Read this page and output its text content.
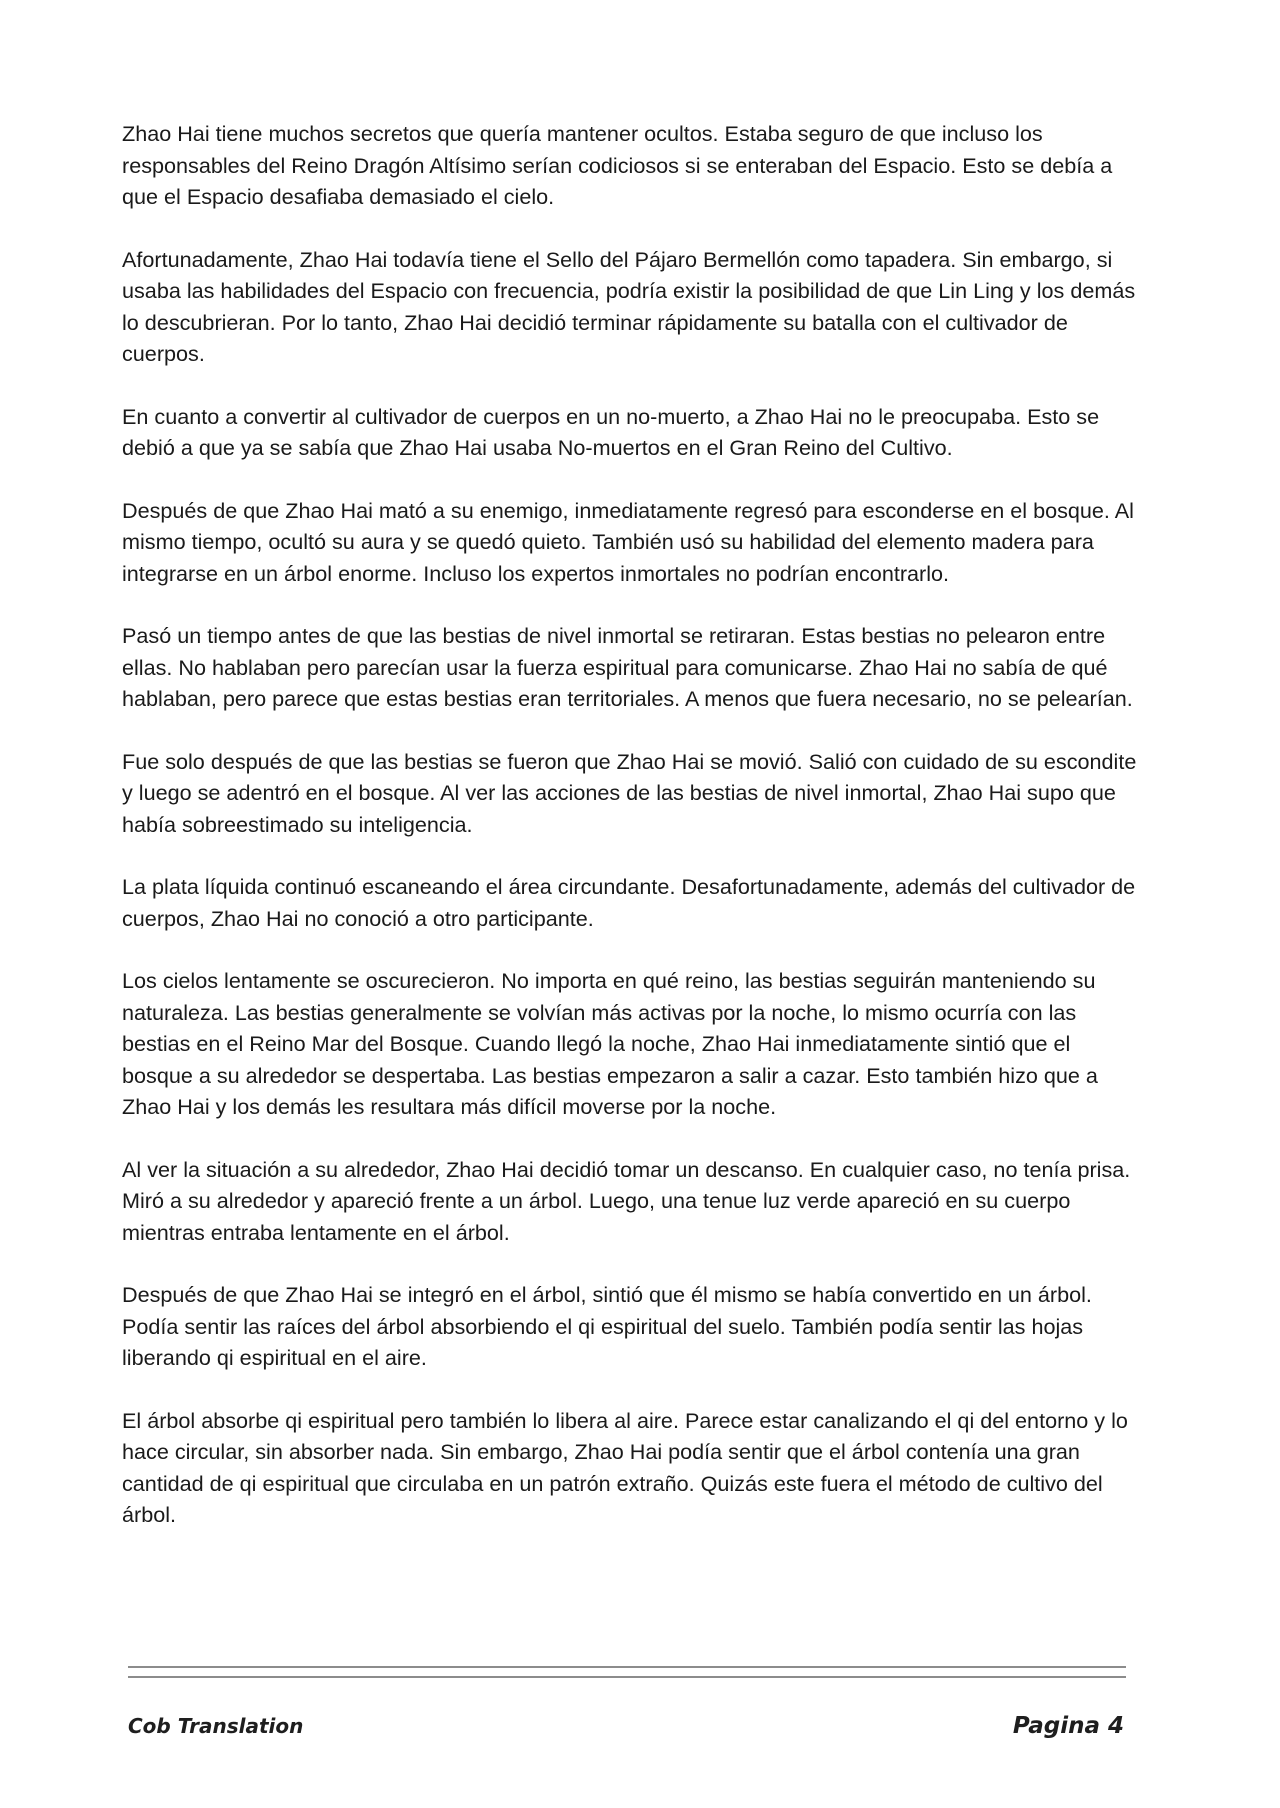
Zhao Hai tiene muchos secretos que quería mantener ocultos. Estaba seguro de que incluso los responsables del Reino Dragón Altísimo serían codiciosos si se enteraban del Espacio. Esto se debía a que el Espacio desafiaba demasiado el cielo.

Afortunadamente, Zhao Hai todavía tiene el Sello del Pájaro Bermellón como tapadera. Sin embargo, si usaba las habilidades del Espacio con frecuencia, podría existir la posibilidad de que Lin Ling y los demás lo descubrieran. Por lo tanto, Zhao Hai decidió terminar rápidamente su batalla con el cultivador de cuerpos.

En cuanto a convertir al cultivador de cuerpos en un no-muerto, a Zhao Hai no le preocupaba. Esto se debió a que ya se sabía que Zhao Hai usaba No-muertos en el Gran Reino del Cultivo.

Después de que Zhao Hai mató a su enemigo, inmediatamente regresó para esconderse en el bosque. Al mismo tiempo, ocultó su aura y se quedó quieto. También usó su habilidad del elemento madera para integrarse en un árbol enorme. Incluso los expertos inmortales no podrían encontrarlo.

Pasó un tiempo antes de que las bestias de nivel inmortal se retiraran. Estas bestias no pelearon entre ellas. No hablaban pero parecían usar la fuerza espiritual para comunicarse. Zhao Hai no sabía de qué hablaban, pero parece que estas bestias eran territoriales. A menos que fuera necesario, no se pelearían.

Fue solo después de que las bestias se fueron que Zhao Hai se movió. Salió con cuidado de su escondite y luego se adentró en el bosque. Al ver las acciones de las bestias de nivel inmortal, Zhao Hai supo que había sobreestimado su inteligencia.

La plata líquida continuó escaneando el área circundante. Desafortunadamente, además del cultivador de cuerpos, Zhao Hai no conoció a otro participante.

Los cielos lentamente se oscurecieron. No importa en qué reino, las bestias seguirán manteniendo su naturaleza. Las bestias generalmente se volvían más activas por la noche, lo mismo ocurría con las bestias en el Reino Mar del Bosque. Cuando llegó la noche, Zhao Hai inmediatamente sintió que el bosque a su alrededor se despertaba. Las bestias empezaron a salir a cazar. Esto también hizo que a Zhao Hai y los demás les resultara más difícil moverse por la noche.

Al ver la situación a su alrededor, Zhao Hai decidió tomar un descanso. En cualquier caso, no tenía prisa. Miró a su alrededor y apareció frente a un árbol. Luego, una tenue luz verde apareció en su cuerpo mientras entraba lentamente en el árbol.

Después de que Zhao Hai se integró en el árbol, sintió que él mismo se había convertido en un árbol. Podía sentir las raíces del árbol absorbiendo el qi espiritual del suelo. También podía sentir las hojas liberando qi espiritual en el aire.

El árbol absorbe qi espiritual pero también lo libera al aire. Parece estar canalizando el qi del entorno y lo hace circular, sin absorber nada. Sin embargo, Zhao Hai podía sentir que el árbol contenía una gran cantidad de qi espiritual que circulaba en un patrón extraño. Quizás este fuera el método de cultivo del árbol.

Cob Translation	Pagina 4
